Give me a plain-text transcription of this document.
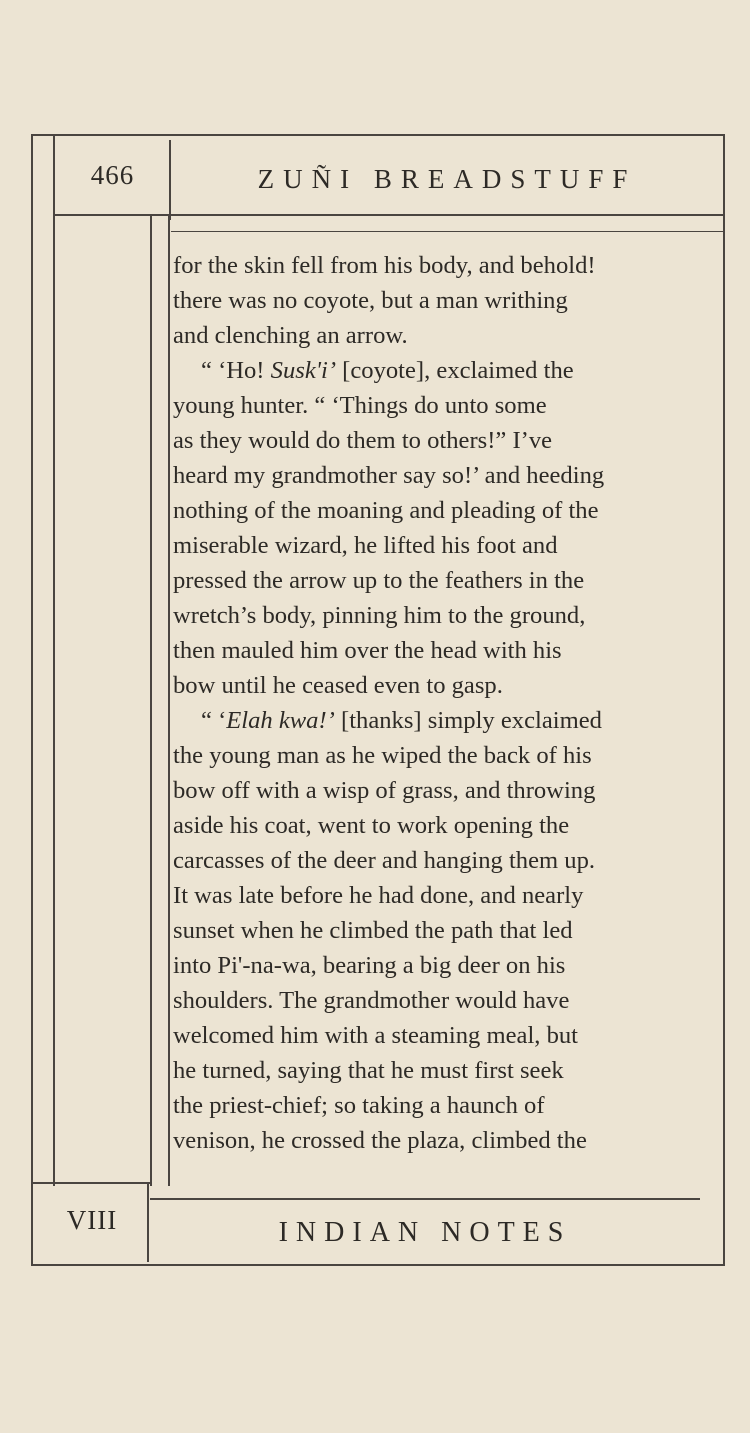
466	ZUÑI BREADSTUFF
for the skin fell from his body, and behold!
there was no coyote, but a man writhing
and clenching an arrow.
“ ‘Ho! Susk'i’ [coyote], exclaimed the
young hunter. “ ‘Things do unto some
as they would do them to others!” I’ve
heard my grandmother say so!’ and heeding
nothing of the moaning and pleading of the
miserable wizard, he lifted his foot and
pressed the arrow up to the feathers in the
wretch’s body, pinning him to the ground,
then mauled him over the head with his
bow until he ceased even to gasp.
“ ‘ Elah kwa!’ [thanks] simply exclaimed
the young man as he wiped the back of his
bow off with a wisp of grass, and throwing
aside his coat, went to work opening the
carcasses of the deer and hanging them up.
It was late before he had done, and nearly
sunset when he climbed the path that led
into Pi'-na-wa, bearing a big deer on his
shoulders. The grandmother would have
welcomed him with a steaming meal, but
he turned, saying that he must first seek
the priest-chief; so taking a haunch of
venison, he crossed the plaza, climbed the
VIII	INDIAN NOTES
